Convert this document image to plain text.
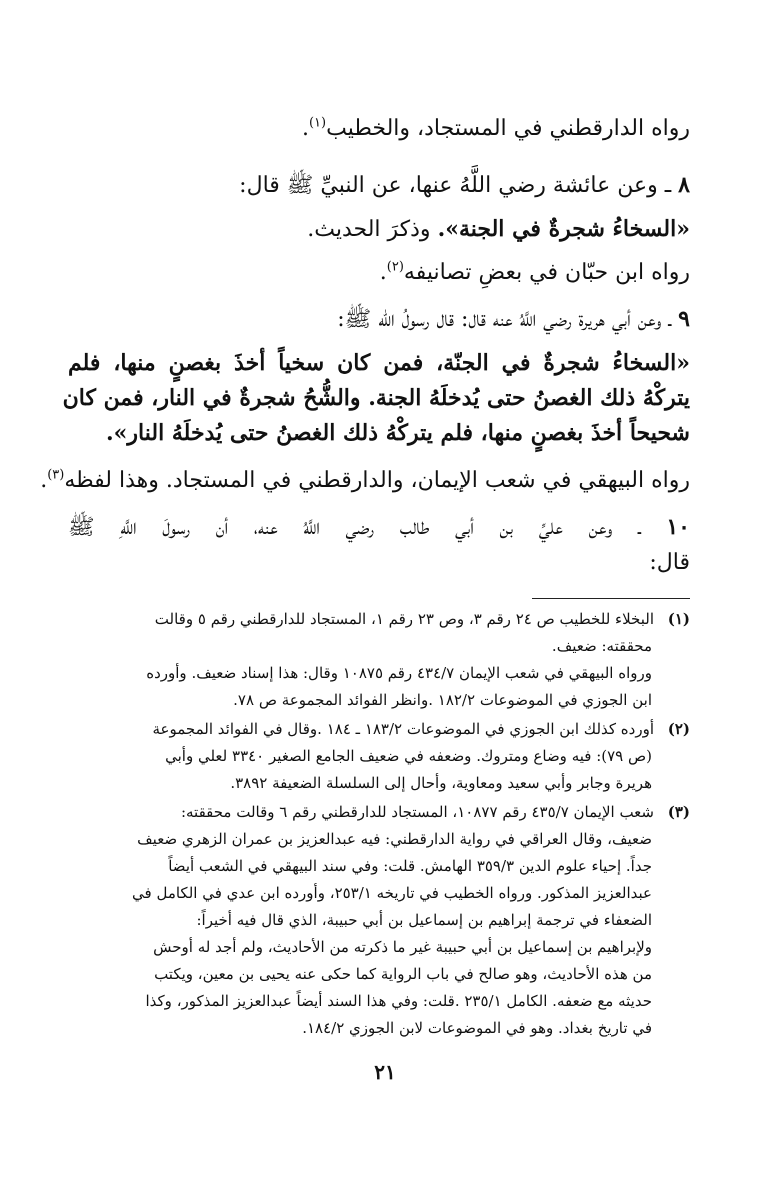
رواه الدارقطني في المستجاد، والخطيب$^{(١)}$.
٨ ـ وعن عائشة رضي اللَّهُ عنها، عن النبيِّ ﷺ قال:
«السخاءُ شجرةٌ في الجنة». وذكرَ الحديث.
رواه ابن حبّان في بعضِ تصانيفه$^{(٢)}$.
٩ ـ وعن أبي هريرة رضي اللَّهُ عنه قال: قال رسولُ الله ﷺ:
«السخاءُ شجرةٌ في الجنّة، فمن كان سخياً أخذَ بغصنٍ منها، فلم
يتركْهُ ذلك الغصنُ حتى يُدخلَهُ الجنة. والشُّحُ شجرةٌ في النار، فمن كان
شحيحاً أخذَ بغصنٍ منها، فلم يتركْهُ ذلك الغصنُ حتى يُدخلَهُ النار».
رواه البيهقي في شعب الإيمان، والدارقطني في المستجاد. وهذا لفظه$^{(٣)}$.
١٠ ـ وعن عليِّ بن أبي طالب رضي اللَّهُ عنه، أن رسولَ اللَّهِ ﷺ
قال:
(١)البخلاء للخطيب ص ٢٤ رقم ٣، وص ٢٣ رقم ١، المستجاد للدارقطني رقم ٥ وقالت
محققته: ضعيف.
ورواه البيهقي في شعب الإيمان ٤٣٤/٧ رقم ١٠٨٧٥ وقال: هذا إسناد ضعيف. وأورده
ابن الجوزي في الموضوعات ١٨٢/٢ .وانظر الفوائد المجموعة ص ٧٨.
(٢)أورده كذلك ابن الجوزي في الموضوعات ١٨٣/٢ ـ ١٨٤ .وقال في الفوائد المجموعة
(ص ٧٩): فيه وضاع ومتروك. وضعفه في ضعيف الجامع الصغير ٣٣٤٠ لعلي وأبي
هريرة وجابر وأبي سعيد ومعاوية، وأحال إلى السلسلة الضعيفة ٣٨٩٢.
(٣)شعب الإيمان ٤٣٥/٧ رقم ١٠٨٧٧، المستجاد للدارقطني رقم ٦ وقالت محققته:
ضعيف، وقال العراقي في رواية الدارقطني: فيه عبدالعزيز بن عمران الزهري ضعيف
جداً. إحياء علوم الدين ٣٥٩/٣ الهامش. قلت: وفي سند البيهقي في الشعب أيضاً
عبدالعزيز المذكور. ورواه الخطيب في تاريخه ٢٥٣/١، وأورده ابن عدي في الكامل في
الضعفاء في ترجمة إبراهيم بن إسماعيل بن أبي حبيبة، الذي قال فيه أخيراً:
ولإبراهيم بن إسماعيل بن أبي حبيبة غير ما ذكرته من الأحاديث، ولم أجد له أوحش
من هذه الأحاديث، وهو صالح في باب الرواية كما حكى عنه يحيى بن معين، ويكتب
حديثه مع ضعفه. الكامل ٢٣٥/١ .قلت: وفي هذا السند أيضاً عبدالعزيز المذكور، وكذا
في تاريخ بغداد. وهو في الموضوعات لابن الجوزي ١٨٤/٢.
٢١
